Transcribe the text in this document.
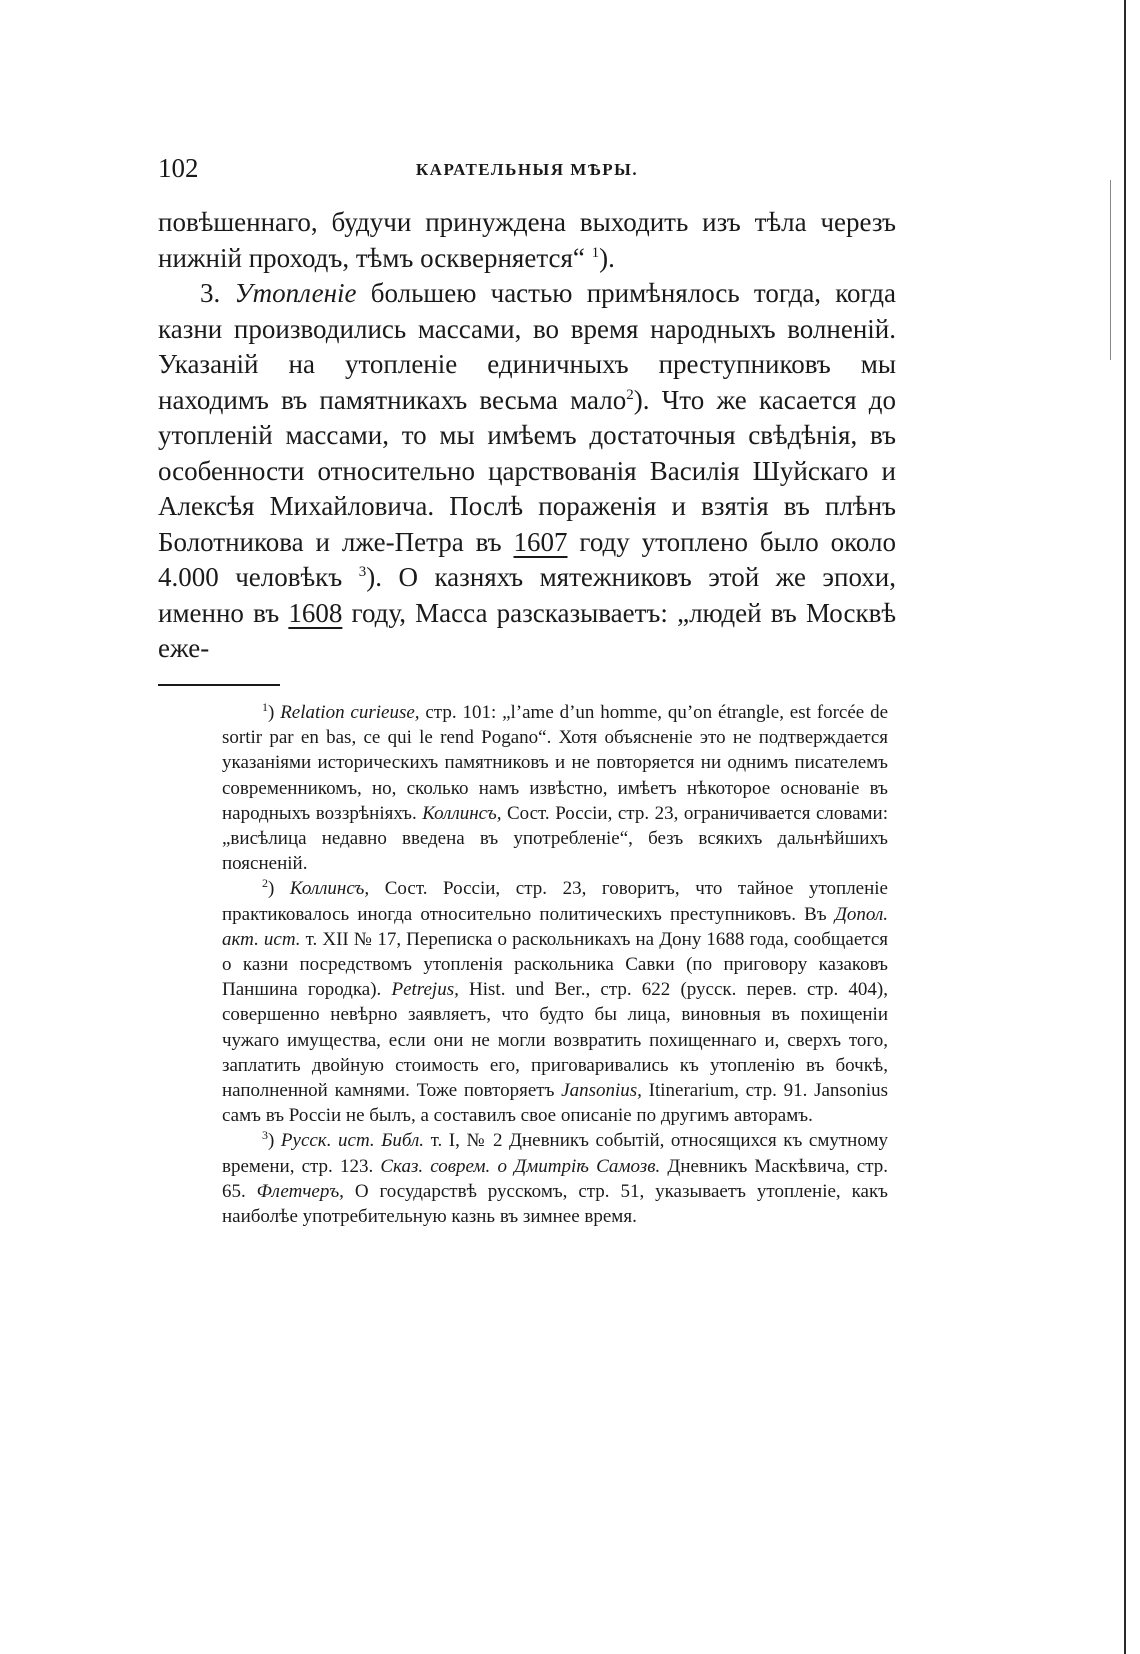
102	КАРАТЕЛЬНЫЯ МѢРЫ.

повѣшеннаго, будучи принуждена выходить изъ тѣла черезъ нижній проходъ, тѣмъ оскверняется“ $^1$).

3. Утопленіе большею частью примѣнялось тогда, когда казни производились массами, во время народныхъ волненій. Указаній на утопленіе единичныхъ преступниковъ мы находимъ въ памятникахъ весьма мало$^2$). Что же касается до утопленій массами, то мы имѣемъ достаточныя свѣдѣнія, въ особенности относительно царствованія Василія Шуйскаго и Алексѣя Михайловича. Послѣ пораженія и взятія въ плѣнъ Болотникова и лже-Петра въ 1607 году утоплено было около 4.000 человѣкъ $^3$). О казняхъ мятежниковъ этой же эпохи, именно въ 1608 году, Масса разсказываетъ: „людей въ Москвѣ еже-

$^1$) Relation curieuse, стр. 101: „l’ame d’un homme, qu’on étrangle, est forcée de sortir par en bas, ce qui le rend Pogano“. Хотя объясненіе это не подтверждается указаніями историческихъ памятниковъ и не повторяется ни однимъ писателемъ современникомъ, но, сколько намъ извѣстно, имѣетъ нѣкоторое основаніе въ народныхъ воззрѣніяхъ. Коллинсъ, Сост. Россіи, стр. 23, ограничивается словами: „висѣлица недавно введена въ употребленіе“, безъ всякихъ дальнѣйшихъ поясненій.

$^2$) Коллинсъ, Сост. Россіи, стр. 23, говоритъ, что тайное утопленіе практиковалось иногда относительно политическихъ преступниковъ. Въ Допол. акт. ист. т. XII № 17, Переписка о раскольникахъ на Дону 1688 года, сообщается о казни посредствомъ утопленія раскольника Савки (по приговору казаковъ Паншина городка). Petrejus, Hist. und Ber., стр. 622 (русск. перев. стр. 404), совершенно невѣрно заявляетъ, что будто бы лица, виновныя въ похищеніи чужаго имущества, если они не могли возвратить похищеннаго и, сверхъ того, заплатить двойную стоимость его, приговаривались къ утопленію въ бочкѣ, наполненной камнями. Тоже повторяетъ Jansonius, Itinerarium, стр. 91. Jansonius самъ въ Россіи не былъ, а составилъ свое описаніе по другимъ авторамъ.

$^3$) Русск. ист. Библ. т. I, № 2 Дневникъ событій, относящихся къ смутному времени, стр. 123. Сказ. соврем. о Дмитріѣ Самозв. Дневникъ Маскѣвича, стр. 65. Флетчеръ, О государствѣ русскомъ, стр. 51, указываетъ утопленіе, какъ наиболѣе употребительную казнь въ зимнее время.
